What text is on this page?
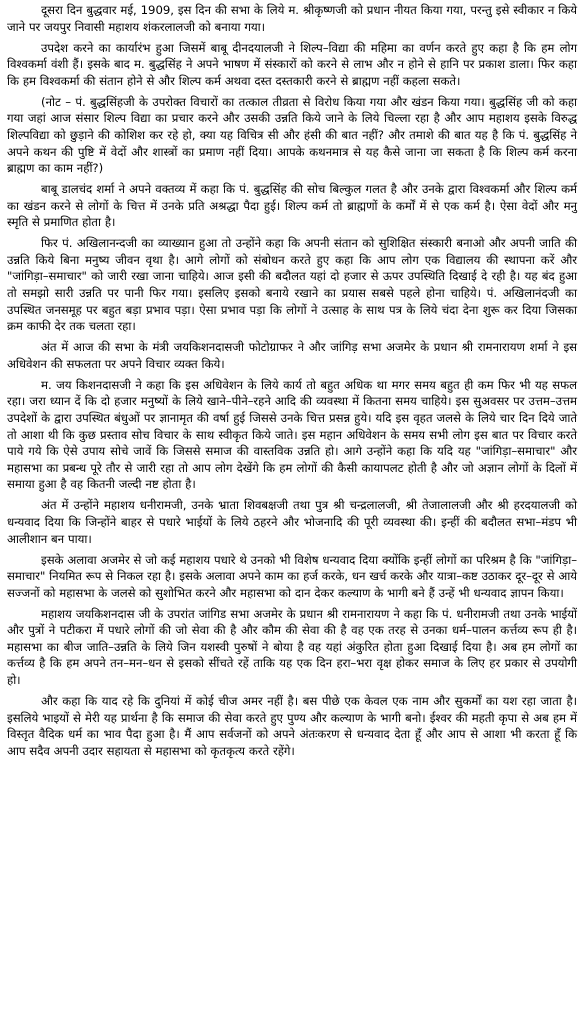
दूसरा दिन बुद्धवार मई, 1909, इस दिन की सभा के लिये म. श्रीकृष्णजी को प्रधान नीयत किया गया, परन्तु इसे स्वीकार न किये जाने पर जयपुर निवासी महाशय शंकरलालजी को बनाया गया।

उपदेश करने का कार्यारंभ हुआ जिसमें बाबू दीनदयालजी ने शिल्प–विद्या की महिमा का वर्णन करते हुए कहा है कि हम लोग विश्वकर्मा वंशी हैं। इसके बाद म. बुद्धसिंह ने अपने भाषण में संस्कारों को करने से लाभ और न होने से हानि पर प्रकाश डाला। फिर कहा कि हम विश्वकर्मा की संतान होने से और शिल्प कर्म अथवा दस्त दस्तकारी करने से ब्राह्मण नहीं कहला सकते।

(नोट – पं. बुद्धसिंहजी के उपरोक्त विचारों का तत्काल तीव्रता से विरोध किया गया और खंडन किया गया। बुद्धसिंह जी को कहा गया जहां आज संसार शिल्प विद्या का प्रचार करने और उसकी उन्नति किये जाने के लिये चिल्ला रहा है और आप महाशय इसके विरुद्ध शिल्पविद्या को छुड़ाने की कोशिश कर रहे हो, क्या यह विचित्र सी और हंसी की बात नहीं? और तमाशे की बात यह है कि पं. बुद्धसिंह ने अपने कथन की पुष्टि में वेदों और शास्त्रों का प्रमाण नहीं दिया। आपके कथनमात्र से यह कैसे जाना जा सकता है कि शिल्प कर्म करना ब्राह्मण का काम नहीं?)

बाबू डालचंद शर्मा ने अपने वक्तव्य में कहा कि पं. बुद्धसिंह की सोच बिल्कुल गलत है और उनके द्वारा विश्वकर्मा और शिल्प कर्म का खंडन करने से लोगों के चित्त में उनके प्रति अश्रद्धा पैदा हुई। शिल्प कर्म तो ब्राह्मणों के कर्मों में से एक कर्म है। ऐसा वेदों और मनु स्मृति से प्रमाणित होता है।

फिर पं. अखिलानन्दजी का व्याख्यान हुआ तो उन्होंने कहा कि अपनी संतान को सुशिक्षित संस्कारी बनाओ और अपनी जाति की उन्नति किये बिना मनुष्य जीवन वृथा है। आगे लोगों को संबोधन करते हुए कहा कि आप लोग एक विद्यालय की स्थापना करें और "जांगिड़ा–समाचार" को जारी रखा जाना चाहिये। आज इसी की बदौलत यहां दो हजार से ऊपर उपस्थिति दिखाई दे रही है। यह बंद हुआ तो समझो सारी उन्नति पर पानी फिर गया। इसलिए इसको बनाये रखाने का प्रयास सबसे पहले होना चाहिये। पं. अखिलानंदजी का उपस्थित जनसमूह पर बहुत बड़ा प्रभाव पड़ा। ऐसा प्रभाव पड़ा कि लोगों ने उत्साह के साथ पत्र के लिये चंदा देना शुरू कर दिया जिसका क्रम काफी देर तक चलता रहा।

अंत में आज की सभा के मंत्री जयकिशनदासजी फोटोग्राफर ने और जांगिड़ सभा अजमेर के प्रधान श्री रामनारायण शर्मा ने इस अधिवेशन की सफलता पर अपने विचार व्यक्त किये।

म. जय किशनदासजी ने कहा कि इस अधिवेशन के लिये कार्य तो बहुत अधिक था मगर समय बहुत ही कम फिर भी यह सफल रहा। जरा ध्यान दें कि दो हजार मनुष्यों के लिये खाने–पीने–रहने आदि की व्यवस्था में कितना समय चाहिये। इस सुअवसर पर उत्तम–उत्तम उपदेशों के द्वारा उपस्थित बंधुओं पर ज्ञानामृत की वर्षा हुई जिससे उनके चित्त प्रसन्न हुये। यदि इस वृहत जलसे के लिये चार दिन दिये जाते तो आशा थी कि कुछ प्रस्ताव सोच विचार के साथ स्वीकृत किये जाते। इस महान अधिवेशन के समय सभी लोग इस बात पर विचार करते पाये गये कि ऐसे उपाय सोचे जावें कि जिससे समाज की वास्तविक उन्नति हो। आगे उन्होंने कहा कि यदि यह "जांगिड़ा–समाचार" और महासभा का प्रबन्ध पूरे तौर से जारी रहा तो आप लोग देखेंगे कि हम लोगों की कैसी कायापलट होती है और जो अज्ञान लोगों के दिलों में समाया हुआ है वह कितनी जल्दी नष्ट होता है।

अंत में उन्होंने महाशय धनीरामजी, उनके भ्राता शिवबक्षजी तथा पुत्र श्री चन्द्रलालजी, श्री तेजालालजी और श्री हरदयालजी को धन्यवाद दिया कि जिन्होंने बाहर से पधारे भाईयों के लिये ठहरने और भोजनादि की पूरी व्यवस्था की। इन्हीं की बदौलत सभा–मंडप भी आलीशान बन पाया।

इसके अलावा अजमेर से जो कई महाशय पधारे थे उनको भी विशेष धन्यवाद दिया क्योंकि इन्हीं लोगों का परिश्रम है कि "जांगिड़ा–समाचार" नियमित रूप से निकल रहा है। इसके अलावा अपने काम का हर्ज करके, धन खर्च करके और यात्रा–कष्ट उठाकर दूर–दूर से आये सज्जनों को महासभा के जलसे को सुशोभित करने और महासभा को दान देकर कल्याण के भागी बने हैं उन्हें भी धन्यवाद ज्ञापन किया।

महाशय जयकिशनदास जी के उपरांत जांगिड सभा अजमेर के प्रधान श्री रामनारायण ने कहा कि पं. धनीरामजी तथा उनके भाईयों और पुत्रों ने पटीकरा में पधारे लोगों की जो सेवा की है और कौम की सेवा की है वह एक तरह से उनका धर्म–पालन कर्त्तव्य रूप ही है। महासभा का बीज जाति–उन्नति के लिये जिन यशस्वी पुरुषों ने बोया है वह यहां अंकुरित होता हुआ दिखाई दिया है। अब हम लोगों का कर्त्तव्य है कि हम अपने तन–मन–धन से इसको सींचते रहें ताकि यह एक दिन हरा–भरा वृक्ष होकर समाज के लिए हर प्रकार से उपयोगी हो।

और कहा कि याद रहे कि दुनियां में कोई चीज अमर नहीं है। बस पीछे एक केवल एक नाम और सुकर्मों का यश रहा जाता है। इसलिये भाइयों से मेरी यह प्रार्थना है कि समाज की सेवा करते हुए पुण्य और कल्याण के भागी बनो। ईश्वर की महती कृपा से अब हम में विस्तृत वैदिक धर्म का भाव पैदा हुआ है। मैं आप सर्वजनों को अपने अंतःकरण से धन्यवाद देता हूँ और आप से आशा भी करता हूँ कि आप सदैव अपनी उदार सहायता से महासभा को कृतकृत्य करते रहेंगे।
